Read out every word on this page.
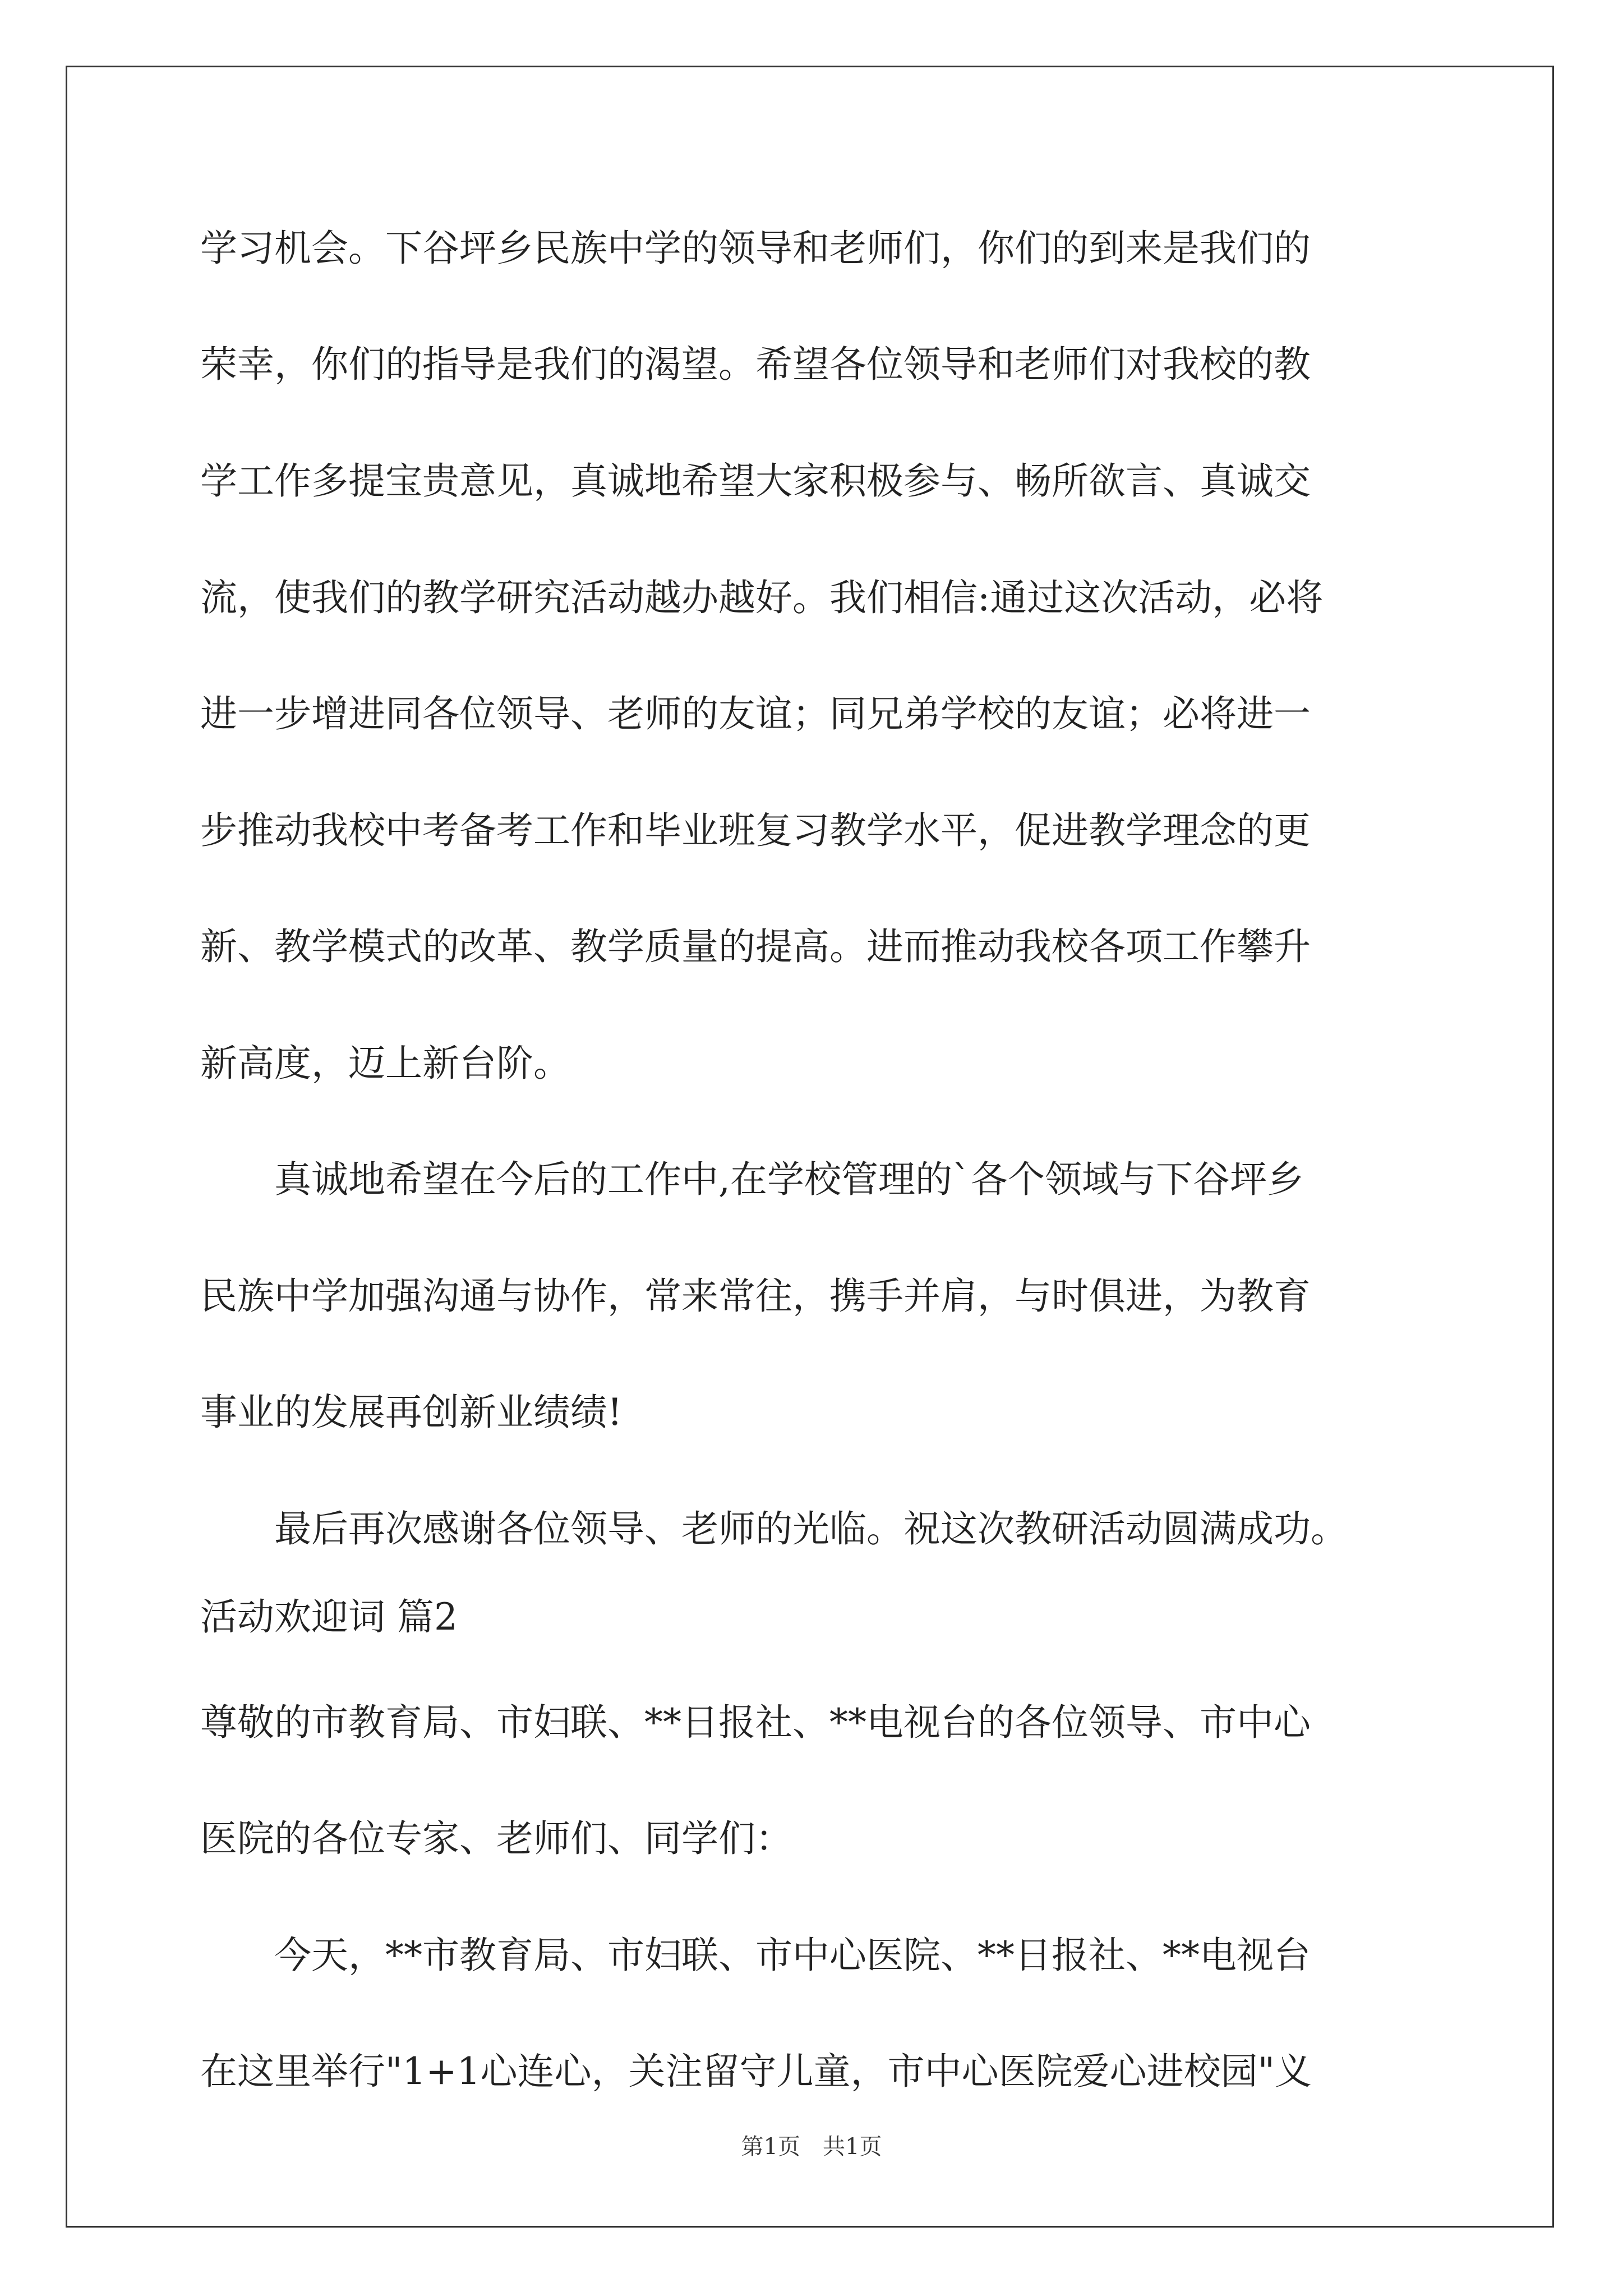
学习机会。下谷坪乡民族中学的领导和老师们，你们的到来是我们的
荣幸，你们的指导是我们的渴望。希望各位领导和老师们对我校的教
学工作多提宝贵意见，真诚地希望大家积极参与、畅所欲言、真诚交
流，使我们的教学研究活动越办越好。我们相信:通过这次活动，必将
进一步增进同各位领导、老师的友谊；同兄弟学校的友谊；必将进一
步推动我校中考备考工作和毕业班复习教学水平，促进教学理念的更
新、教学模式的改革、教学质量的提高。进而推动我校各项工作攀升
新高度，迈上新台阶。
　　真诚地希望在今后的工作中,在学校管理的`各个领域与下谷坪乡
民族中学加强沟通与协作，常来常往，携手并肩，与时俱进，为教育
事业的发展再创新业绩绩!
　　最后再次感谢各位领导、老师的光临。祝这次教研活动圆满成功。
活动欢迎词 篇2
尊敬的市教育局、市妇联、**日报社、**电视台的各位领导、市中心
医院的各位专家、老师们、同学们：
　　今天，**市教育局、市妇联、市中心医院、**日报社、**电视台
在这里举行"1+1心连心，关注留守儿童，市中心医院爱心进校园"义
第1页　共1页
